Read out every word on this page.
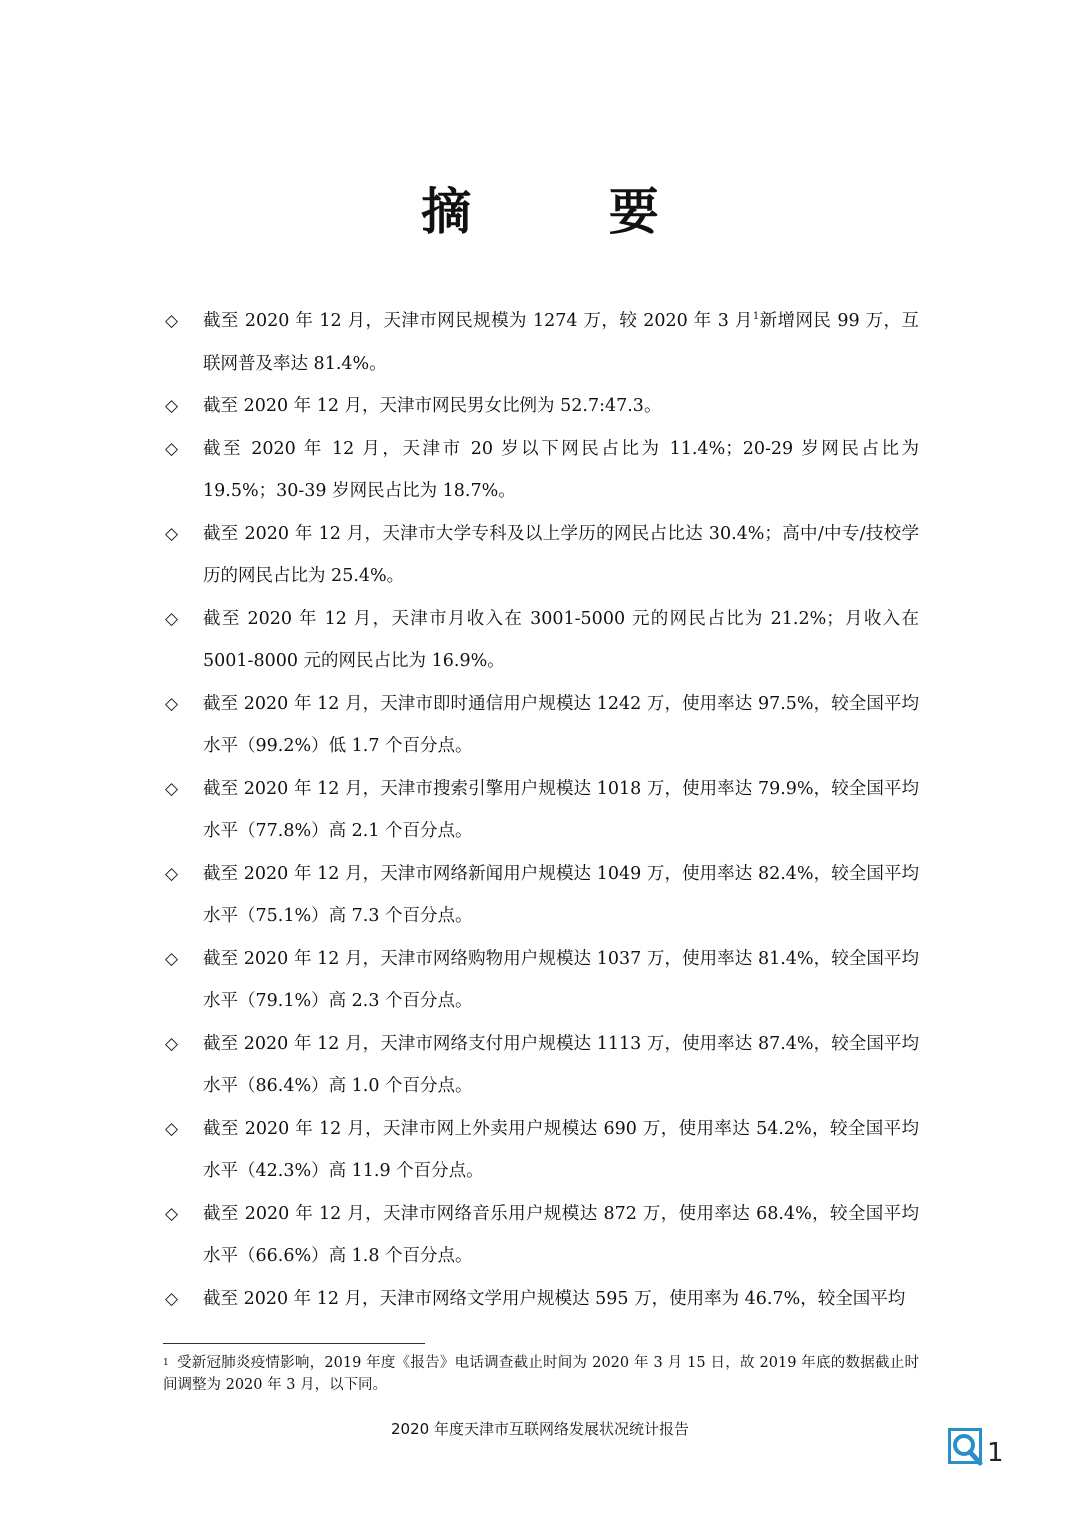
摘 要
◇	截至 2020 年 12 月，天津市网民规模为 1274 万，较 2020 年 3 月$^1$新增网民 99 万，互联网普及率达 81.4%。
◇	截至 2020 年 12 月，天津市网民男女比例为 52.7:47.3。
◇	截至 2020 年 12 月，天津市 20 岁以下网民占比为 11.4%；20-29 岁网民占比为 19.5%；30-39 岁网民占比为 18.7%。
◇	截至 2020 年 12 月，天津市大学专科及以上学历的网民占比达 30.4%；高中/中专/技校学历的网民占比为 25.4%。
◇	截至 2020 年 12 月，天津市月收入在 3001-5000 元的网民占比为 21.2%；月收入在 5001-8000 元的网民占比为 16.9%。
◇	截至 2020 年 12 月，天津市即时通信用户规模达 1242 万，使用率达 97.5%，较全国平均水平（99.2%）低 1.7 个百分点。
◇	截至 2020 年 12 月，天津市搜索引擎用户规模达 1018 万，使用率达 79.9%，较全国平均水平（77.8%）高 2.1 个百分点。
◇	截至 2020 年 12 月，天津市网络新闻用户规模达 1049 万，使用率达 82.4%，较全国平均水平（75.1%）高 7.3 个百分点。
◇	截至 2020 年 12 月，天津市网络购物用户规模达 1037 万，使用率达 81.4%，较全国平均水平（79.1%）高 2.3 个百分点。
◇	截至 2020 年 12 月，天津市网络支付用户规模达 1113 万，使用率达 87.4%，较全国平均水平（86.4%）高 1.0 个百分点。
◇	截至 2020 年 12 月，天津市网上外卖用户规模达 690 万，使用率达 54.2%，较全国平均水平（42.3%）高 11.9 个百分点。
◇	截至 2020 年 12 月，天津市网络音乐用户规模达 872 万，使用率达 68.4%，较全国平均水平（66.6%）高 1.8 个百分点。
◇	截至 2020 年 12 月，天津市网络文学用户规模达 595 万，使用率为 46.7%，较全国平均
$^1$ 受新冠肺炎疫情影响，2019 年度《报告》电话调查截止时间为 2020 年 3 月 15 日，故 2019 年底的数据截止时间调整为 2020 年 3 月，以下同。
2020 年度天津市互联网络发展状况统计报告
1
